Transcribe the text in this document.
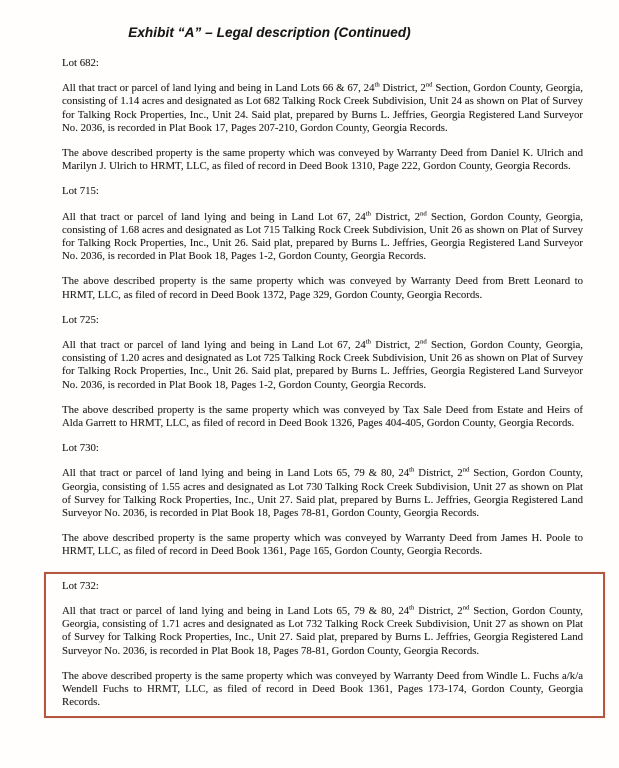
Exhibit “A” – Legal description (Continued)

Lot 682:

All that tract or parcel of land lying and being in Land Lots 66 & 67, 24th District, 2nd Section, Gordon County, Georgia, consisting of 1.14 acres and designated as Lot 682 Talking Rock Creek Subdivision, Unit 24 as shown on Plat of Survey for Talking Rock Properties, Inc., Unit 24. Said plat, prepared by Burns L. Jeffries, Georgia Registered Land Surveyor No. 2036, is recorded in Plat Book 17, Pages 207-210, Gordon County, Georgia Records.

The above described property is the same property which was conveyed by Warranty Deed from Daniel K. Ulrich and Marilyn J. Ulrich to HRMT, LLC, as filed of record in Deed Book 1310, Page 222, Gordon County, Georgia Records.

Lot 715:

All that tract or parcel of land lying and being in Land Lot 67, 24th District, 2nd Section, Gordon County, Georgia, consisting of 1.68 acres and designated as Lot 715 Talking Rock Creek Subdivision, Unit 26 as shown on Plat of Survey for Talking Rock Properties, Inc., Unit 26. Said plat, prepared by Burns L. Jeffries, Georgia Registered Land Surveyor No. 2036, is recorded in Plat Book 18, Pages 1-2, Gordon County, Georgia Records.

The above described property is the same property which was conveyed by Warranty Deed from Brett Leonard to HRMT, LLC, as filed of record in Deed Book 1372, Page 329, Gordon County, Georgia Records.

Lot 725:

All that tract or parcel of land lying and being in Land Lot 67, 24th District, 2nd Section, Gordon County, Georgia, consisting of 1.20 acres and designated as Lot 725 Talking Rock Creek Subdivision, Unit 26 as shown on Plat of Survey for Talking Rock Properties, Inc., Unit 26. Said plat, prepared by Burns L. Jeffries, Georgia Registered Land Surveyor No. 2036, is recorded in Plat Book 18, Pages 1-2, Gordon County, Georgia Records.

The above described property is the same property which was conveyed by Tax Sale Deed from Estate and Heirs of Alda Garrett to HRMT, LLC, as filed of record in Deed Book 1326, Pages 404-405, Gordon County, Georgia Records.

Lot 730:

All that tract or parcel of land lying and being in Land Lots 65, 79 & 80, 24th District, 2nd Section, Gordon County, Georgia, consisting of 1.55 acres and designated as Lot 730 Talking Rock Creek Subdivision, Unit 27 as shown on Plat of Survey for Talking Rock Properties, Inc., Unit 27. Said plat, prepared by Burns L. Jeffries, Georgia Registered Land Surveyor No. 2036, is recorded in Plat Book 18, Pages 78-81, Gordon County, Georgia Records.

The above described property is the same property which was conveyed by Warranty Deed from James H. Poole to HRMT, LLC, as filed of record in Deed Book 1361, Page 165, Gordon County, Georgia Records.

Lot 732:

All that tract or parcel of land lying and being in Land Lots 65, 79 & 80, 24th District, 2nd Section, Gordon County, Georgia, consisting of 1.71 acres and designated as Lot 732 Talking Rock Creek Subdivision, Unit 27 as shown on Plat of Survey for Talking Rock Properties, Inc., Unit 27. Said plat, prepared by Burns L. Jeffries, Georgia Registered Land Surveyor No. 2036, is recorded in Plat Book 18, Pages 78-81, Gordon County, Georgia Records.

The above described property is the same property which was conveyed by Warranty Deed from Windle L. Fuchs a/k/a Wendell Fuchs to HRMT, LLC, as filed of record in Deed Book 1361, Pages 173-174, Gordon County, Georgia Records.
